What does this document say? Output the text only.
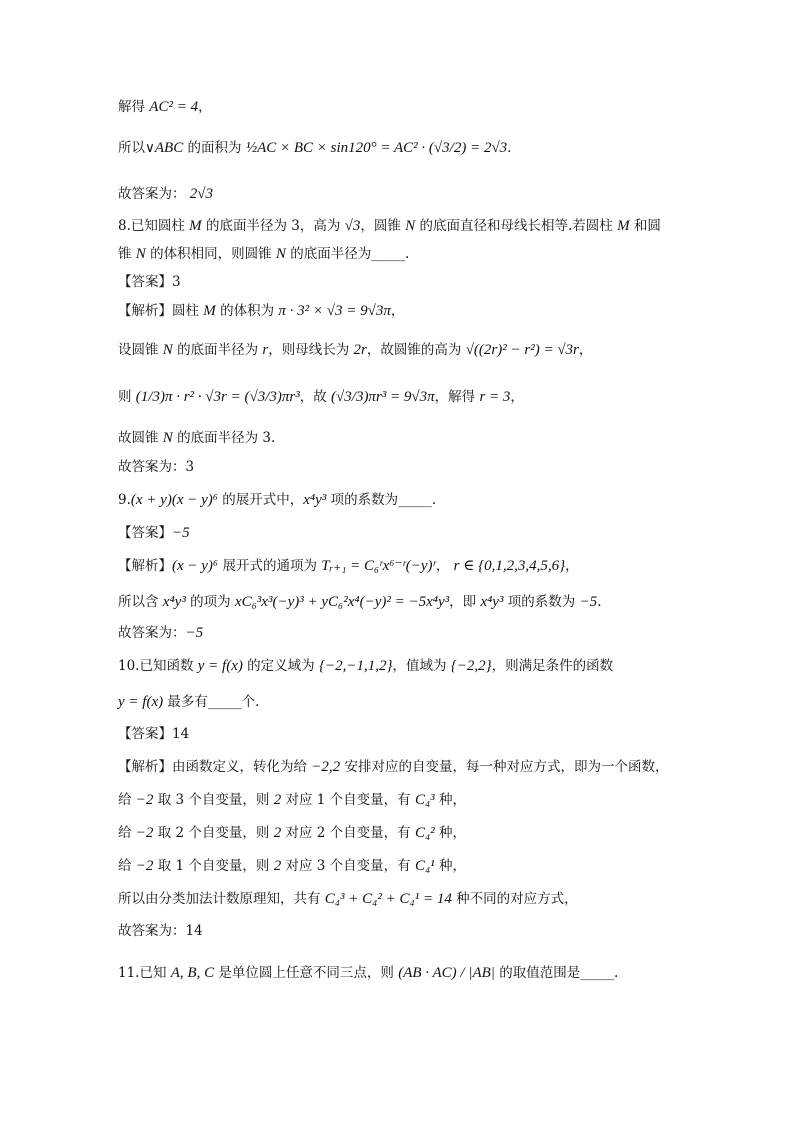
解得 AC² = 4，
所以∨ABC 的面积为 ½AC × BC × sin120° = AC² · (√3/2) = 2√3.
故答案为： 2√3
8.已知圆柱 M 的底面半径为 3，高为 √3，圆锥 N 的底面直径和母线长相等.若圆柱 M 和圆
锥 N 的体积相同，则圆锥 N 的底面半径为_____.
【答案】3
【解析】圆柱 M 的体积为 π · 3² × √3 = 9√3π，
设圆锥 N 的底面半径为 r，则母线长为 2r，故圆锥的高为 √((2r)² − r²) = √3r，
则 (1/3)π · r² · √3r = (√3/3)πr³，故 (√3/3)πr³ = 9√3π，解得 r = 3，
故圆锥 N 的底面半径为 3.
故答案为：3
9.(x + y)(x − y)⁶ 的展开式中，x⁴y³ 项的系数为_____.
【答案】−5
【解析】(x − y)⁶ 展开式的通项为 Tᵣ₊₁ = C₆ʳx⁶⁻ʳ(−y)ʳ， r ∈ {0,1,2,3,4,5,6}，
所以含 x⁴y³ 的项为 xC₆³x³(−y)³ + yC₆²x⁴(−y)² = −5x⁴y³，即 x⁴y³ 项的系数为 −5.
故答案为：−5
10.已知函数 y = f(x) 的定义域为 {−2,−1,1,2}，值域为 {−2,2}，则满足条件的函数
y = f(x) 最多有_____个.
【答案】14
【解析】由函数定义，转化为给 −2,2 安排对应的自变量，每一种对应方式，即为一个函数，
给 −2 取 3 个自变量，则 2 对应 1 个自变量，有 C₄³ 种，
给 −2 取 2 个自变量，则 2 对应 2 个自变量，有 C₄² 种，
给 −2 取 1 个自变量，则 2 对应 3 个自变量，有 C₄¹ 种，
所以由分类加法计数原理知，共有 C₄³ + C₄² + C₄¹ = 14 种不同的对应方式，
故答案为：14
11.已知 A, B, C 是单位圆上任意不同三点，则 (AB · AC) / |AB| 的取值范围是_____.
